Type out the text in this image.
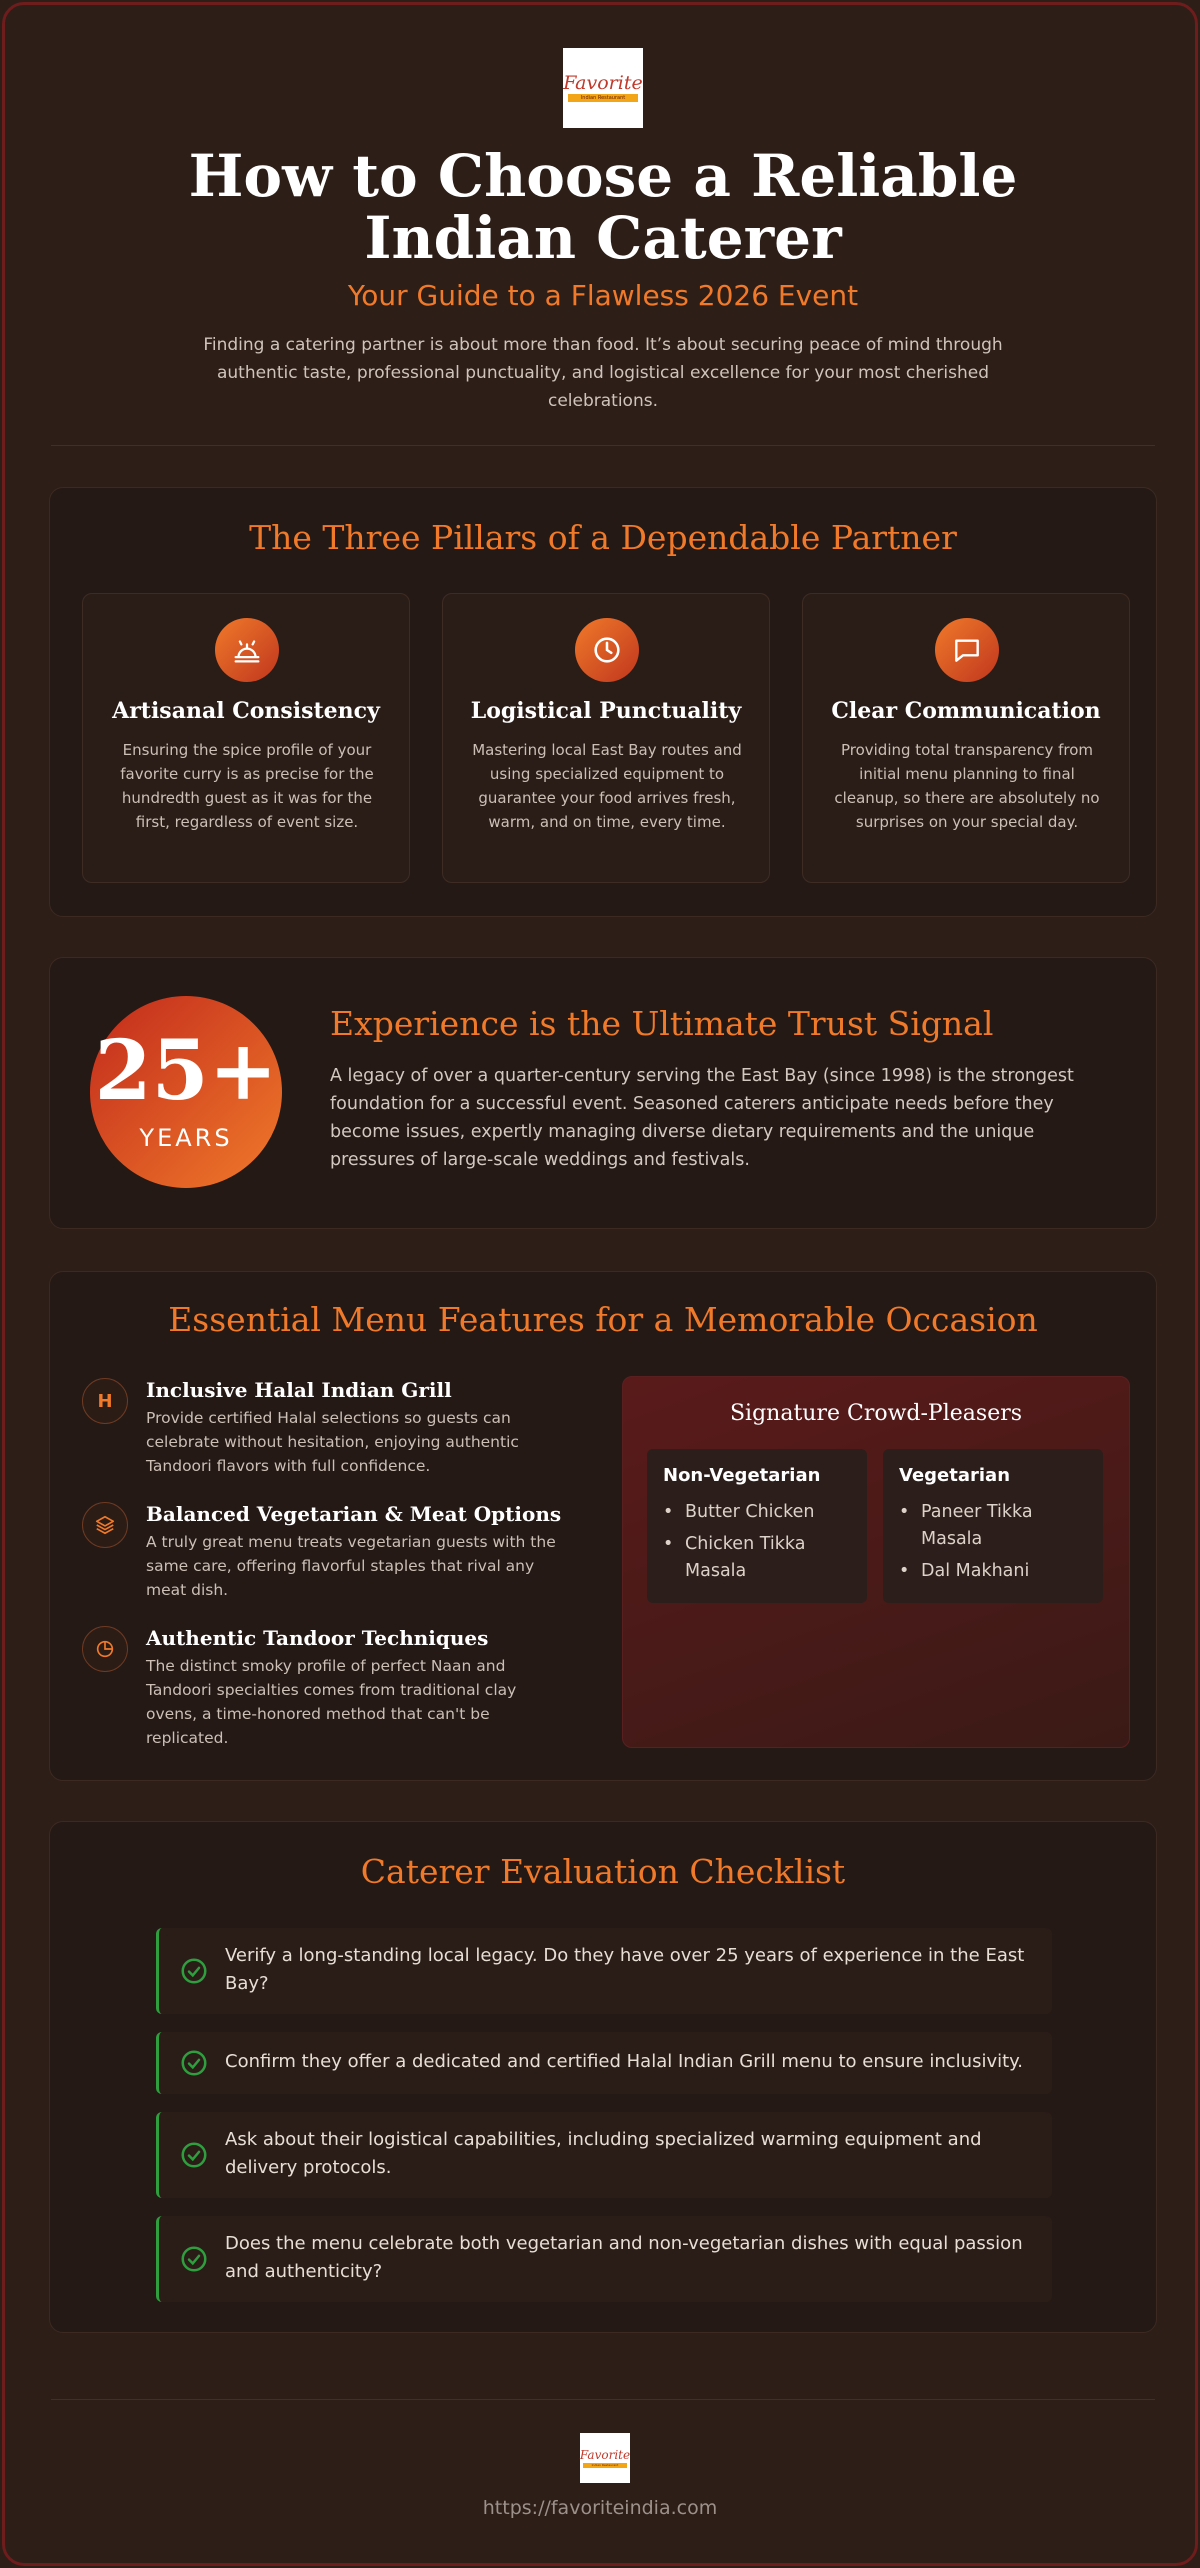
Favorite
Indian Restaurant
How to Choose a Reliable Indian Caterer
Your Guide to a Flawless 2026 Event
Finding a catering partner is about more than food. It’s about securing peace of mind through authentic taste, professional punctuality, and logistical excellence for your most cherished celebrations.
The Three Pillars of a Dependable Partner
Artisanal Consistency
Ensuring the spice profile of your favorite curry is as precise for the hundredth guest as it was for the first, regardless of event size.
Logistical Punctuality
Mastering local East Bay routes and using specialized equipment to guarantee your food arrives fresh, warm, and on time, every time.
Clear Communication
Providing total transparency from initial menu planning to final cleanup, so there are absolutely no surprises on your special day.
25+
YEARS
Experience is the Ultimate Trust Signal
A legacy of over a quarter-century serving the East Bay (since 1998) is the strongest foundation for a successful event. Seasoned caterers anticipate needs before they become issues, expertly managing diverse dietary requirements and the unique pressures of large-scale weddings and festivals.
Essential Menu Features for a Memorable Occasion
H	Inclusive Halal Indian Grill
Provide certified Halal selections so guests can celebrate without hesitation, enjoying authentic Tandoori flavors with full confidence.
Balanced Vegetarian & Meat Options
A truly great menu treats vegetarian guests with the same care, offering flavorful staples that rival any meat dish.
Authentic Tandoor Techniques
The distinct smoky profile of perfect Naan and Tandoori specialties comes from traditional clay ovens, a time-honored method that can't be replicated.
Signature Crowd-Pleasers
Non-Vegetarian
• Butter Chicken
• Chicken Tikka Masala
Vegetarian
• Paneer Tikka Masala
• Dal Makhani
Caterer Evaluation Checklist
Verify a long-standing local legacy. Do they have over 25 years of experience in the East Bay?
Confirm they offer a dedicated and certified Halal Indian Grill menu to ensure inclusivity.
Ask about their logistical capabilities, including specialized warming equipment and delivery protocols.
Does the menu celebrate both vegetarian and non-vegetarian dishes with equal passion and authenticity?
Favorite
Indian Restaurant
https://favoriteindia.com
